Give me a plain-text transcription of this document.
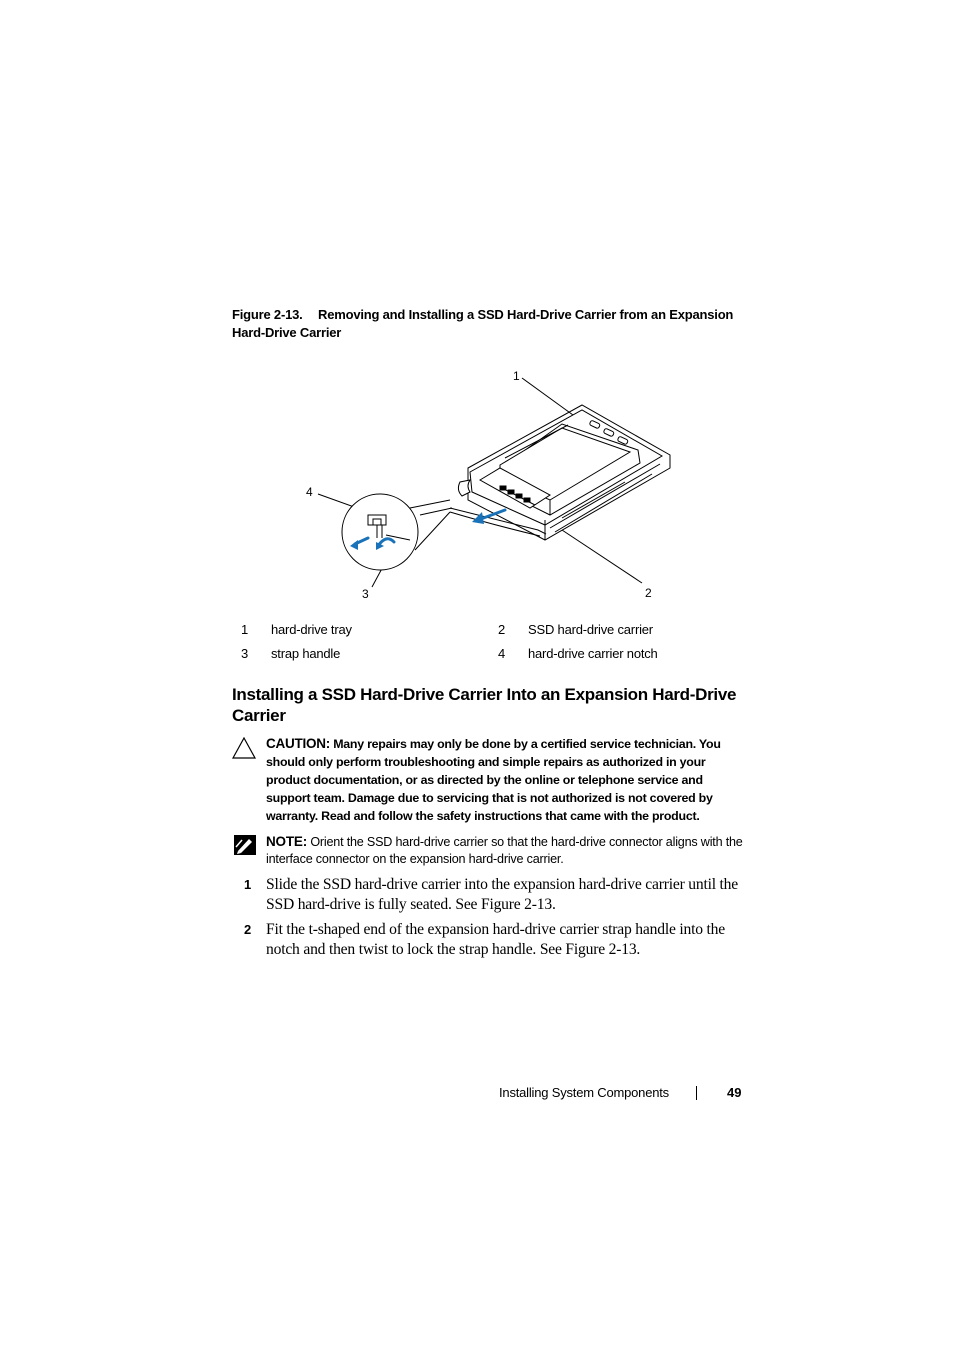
Figure 2-13. Removing and Installing a SSD Hard-Drive Carrier from an Expansion Hard-Drive Carrier
1
2
3
4
1 hard-drive tray	2 SSD hard-drive carrier
3 strap handle	4 hard-drive carrier notch
Installing a SSD Hard-Drive Carrier Into an Expansion Hard-Drive Carrier
CAUTION: Many repairs may only be done by a certified service technician. You should only perform troubleshooting and simple repairs as authorized in your product documentation, or as directed by the online or telephone service and support team. Damage due to servicing that is not authorized is not covered by warranty. Read and follow the safety instructions that came with the product.
NOTE: Orient the SSD hard-drive carrier so that the hard-drive connector aligns with the interface connector on the expansion hard-drive carrier.
1 Slide the SSD hard-drive carrier into the expansion hard-drive carrier until the SSD hard-drive is fully seated. See Figure 2-13.
2 Fit the t-shaped end of the expansion hard-drive carrier strap handle into the notch and then twist to lock the strap handle. See Figure 2-13.
Installing System Components	49
